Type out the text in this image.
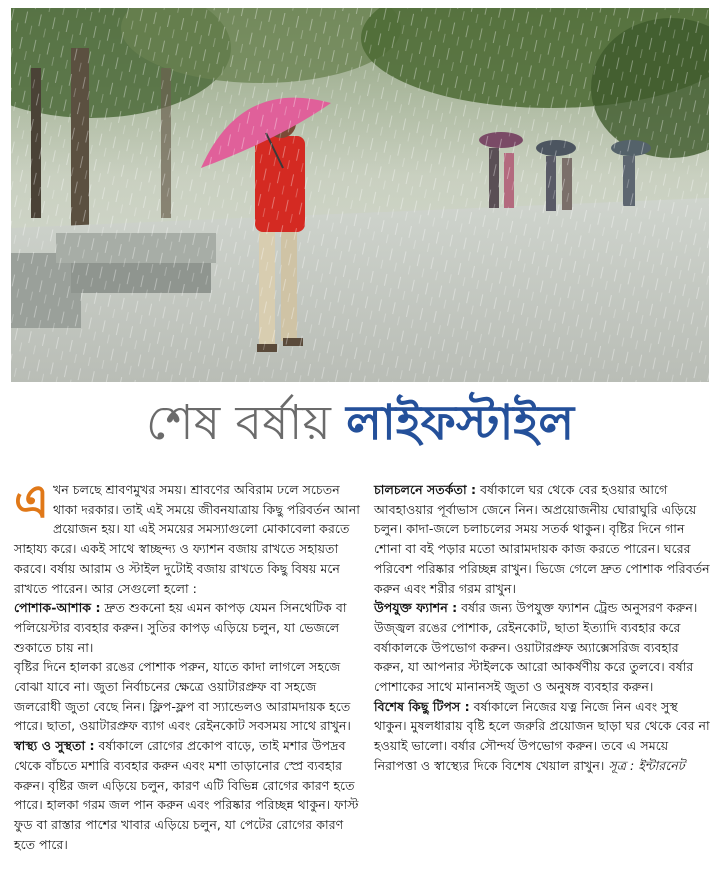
শেষ বর্ষায় লাইফস্টাইল

এখন চলছে শ্রাবণমুখর সময়। শ্রাবণের অবিরাম ঢলে সচেতন থাকা দরকার। তাই এই সময়ে জীবনযাত্রায় কিছু পরিবর্তন আনা প্রয়োজন হয়। যা এই সময়ের সমস্যাগুলো মোকাবেলা করতে সাহায্য করে। একই সাথে স্বাচ্ছন্দ্য ও ফ্যাশন বজায় রাখতে সহায়তা করবে। বর্ষায় আরাম ও স্টাইল দুটোই বজায় রাখতে কিছু বিষয় মনে রাখতে পারেন। আর সেগুলো হলো :

পোশাক-আশাক : দ্রুত শুকনো হয় এমন কাপড় যেমন সিনথেটিক বা পলিয়েস্টার ব্যবহার করুন। সুতির কাপড় এড়িয়ে চলুন, যা ভেজলে শুকাতে চায় না।

বৃষ্টির দিনে হালকা রঙের পোশাক পরুন, যাতে কাদা লাগলে সহজে বোঝা যাবে না। জুতা নির্বাচনের ক্ষেত্রে ওয়াটারপ্রুফ বা সহজে জলরোধী জুতা বেছে নিন। ফ্লিপ-ফ্লপ বা স্যান্ডেলও আরামদায়ক হতে পারে। ছাতা, ওয়াটারপ্রুফ ব্যাগ এবং রেইনকোট সবসময় সাথে রাখুন।

স্বাস্থ্য ও সুস্থতা : বর্ষাকালে রোগের প্রকোপ বাড়ে, তাই মশার উপদ্রব থেকে বাঁচতে মশারি ব্যবহার করুন এবং মশা তাড়ানোর স্প্রে ব্যবহার করুন। বৃষ্টির জল এড়িয়ে চলুন, কারণ এটি বিভিন্ন রোগের কারণ হতে পারে। হালকা গরম জল পান করুন এবং পরিষ্কার পরিচ্ছন্ন থাকুন। ফাস্ট ফুড বা রাস্তার পাশের খাবার এড়িয়ে চলুন, যা পেটের রোগের কারণ হতে পারে।

চালচলনে সতর্কতা : বর্ষাকালে ঘর থেকে বের হওয়ার আগে আবহাওয়ার পূর্বাভাস জেনে নিন। অপ্রয়োজনীয় ঘোরাঘুরি এড়িয়ে চলুন। কাদা-জলে চলাচলের সময় সতর্ক থাকুন। বৃষ্টির দিনে গান শোনা বা বই পড়ার মতো আরামদায়ক কাজ করতে পারেন। ঘরের পরিবেশ পরিষ্কার পরিচ্ছন্ন রাখুন। ভিজে গেলে দ্রুত পোশাক পরিবর্তন করুন এবং শরীর গরম রাখুন।

উপযুক্ত ফ্যাশন : বর্ষার জন্য উপযুক্ত ফ্যাশন ট্রেন্ড অনুসরণ করুন। উজ্জ্বল রঙের পোশাক, রেইনকোট, ছাতা ইত্যাদি ব্যবহার করে বর্ষাকালকে উপভোগ করুন। ওয়াটারপ্রুফ অ্যাক্সেসরিজ ব্যবহার করুন, যা আপনার স্টাইলকে আরো আকর্ষণীয় করে তুলবে। বর্ষার পোশাকের সাথে মানানসই জুতা ও অনুষঙ্গ ব্যবহার করুন।

বিশেষ কিছু টিপস : বর্ষাকালে নিজের যত্ন নিজে নিন এবং সুস্থ থাকুন। মুষলধারায় বৃষ্টি হলে জরুরি প্রয়োজন ছাড়া ঘর থেকে বের না হওয়াই ভালো। বর্ষার সৌন্দর্য উপভোগ করুন। তবে এ সময়ে নিরাপত্তা ও স্বাস্থ্যের দিকে বিশেষ খেয়াল রাখুন। সূত্র : ইন্টারনেট
